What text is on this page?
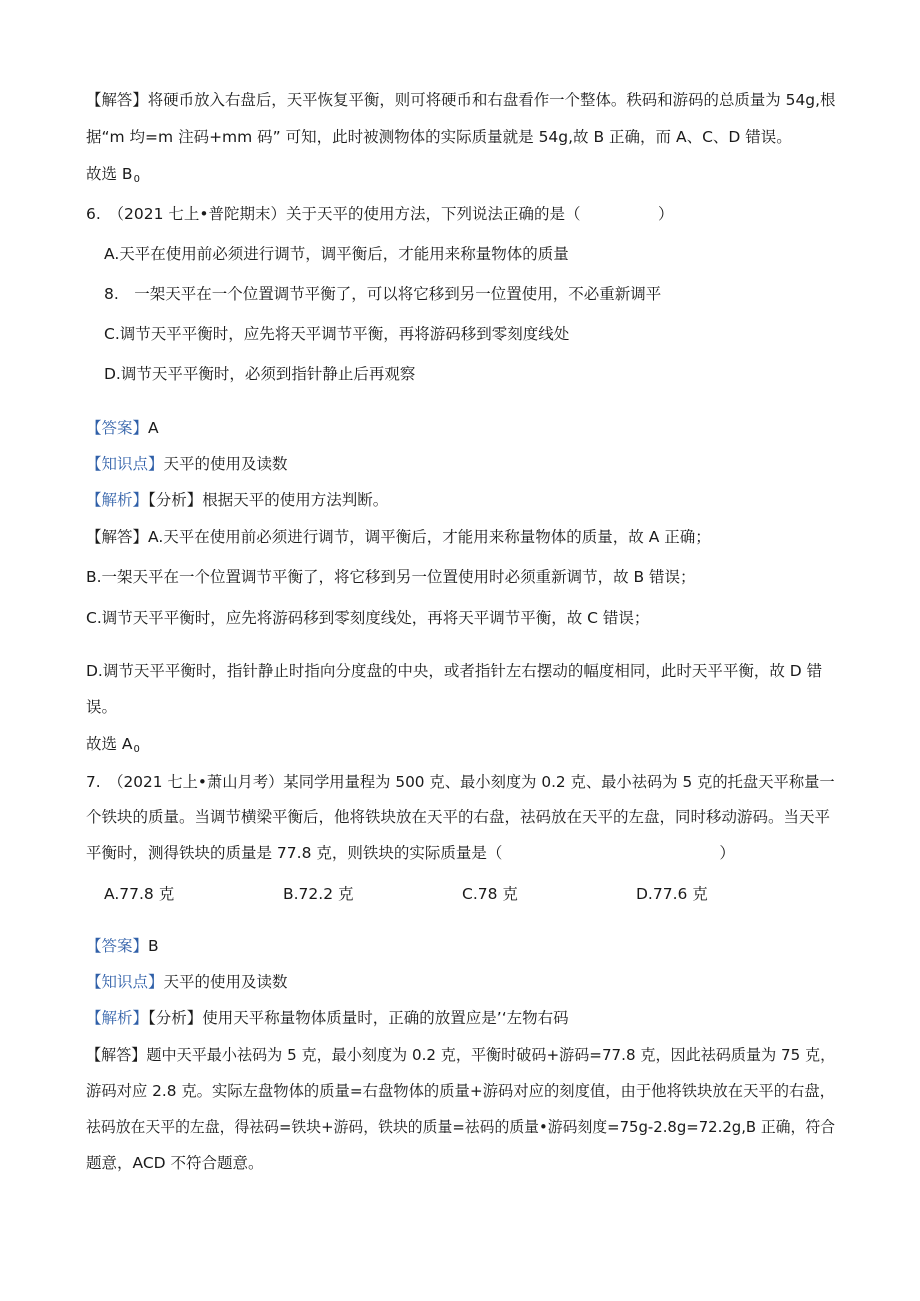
【解答】将硬币放入右盘后，天平恢复平衡，则可将硬币和右盘看作一个整体。秩码和游码的总质量为 54g,根
据“m 均=m 注码+mm 码” 可知，此时被测物体的实际质量就是 54g,故 B 正确，而 A、C、D 错误。
故选 $B_0$
6.　（2021 七上•普陀期末）关于天平的使用方法，下列说法正确的是（　　　　　）
A.天平在使用前必须进行调节，调平衡后，才能用来称量物体的质量
8.　一架天平在一个位置调节平衡了，可以将它移到另一位置使用，不必重新调平
C.调节天平平衡时，应先将天平调节平衡，再将游码移到零刻度线处
D.调节天平平衡时，必须到指针静止后再观察
【答案】A
【知识点】天平的使用及读数
【解析】【分析】根据天平的使用方法判断。
【解答】A.天平在使用前必须进行调节，调平衡后，才能用来称量物体的质量，故 A 正确；
B.一架天平在一个位置调节平衡了，将它移到另一位置使用时必须重新调节，故 B 错误；
C.调节天平平衡时，应先将游码移到零刻度线处，再将天平调节平衡，故 C 错误；
D.调节天平平衡时，指针静止时指向分度盘的中央，或者指针左右摆动的幅度相同，此时天平平衡，故 D 错
误。
故选 $A_0$
7.　（2021 七上•萧山月考）某同学用量程为 500 克、最小刻度为 0.2 克、最小祛码为 5 克的托盘天平称量一
个铁块的质量。当调节横梁平衡后，他将铁块放在天平的右盘，祛码放在天平的左盘，同时移动游码。当天平
平衡时，测得铁块的质量是 77.8 克，则铁块的实际质量是（　　　　　　　　　　　　　　）
A.77.8 克	B.72.2 克	C.78 克	D.77.6 克
【答案】B
【知识点】天平的使用及读数
【解析】【分析】使用天平称量物体质量时，正确的放置应是’‘左物右码
【解答】题中天平最小祛码为 5 克，最小刻度为 0.2 克，平衡时破码+游码=77.8 克，因此祛码质量为 75 克，
游码对应 2.8 克。实际左盘物体的质量=右盘物体的质量+游码对应的刻度值，由于他将铁块放在天平的右盘，
祛码放在天平的左盘，得祛码=铁块+游码，铁块的质量=祛码的质量•游码刻度=75g-2.8g=72.2g,B 正确，符合
题意，ACD 不符合题意。
